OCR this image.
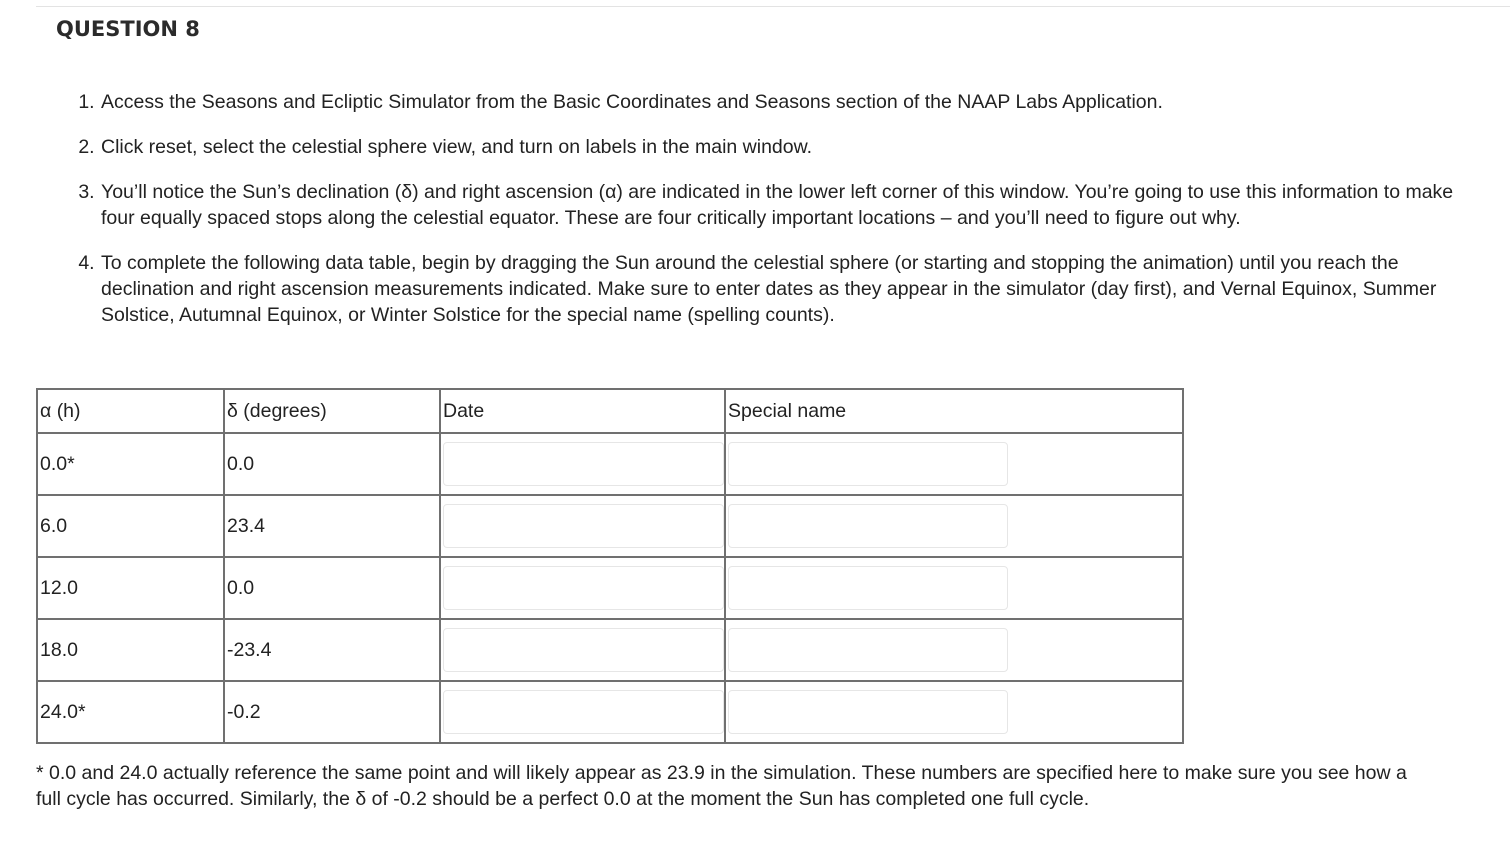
QUESTION 8
1. Access the Seasons and Ecliptic Simulator from the Basic Coordinates and Seasons section of the NAAP Labs Application.
2. Click reset, select the celestial sphere view, and turn on labels in the main window.
3. You’ll notice the Sun’s declination (δ) and right ascension (α) are indicated in the lower left corner of this window. You’re going to use this information to make four equally spaced stops along the celestial equator. These are four critically important locations – and you’ll need to figure out why.
4. To complete the following data table, begin by dragging the Sun around the celestial sphere (or starting and stopping the animation) until you reach the declination and right ascension measurements indicated. Make sure to enter dates as they appear in the simulator (day first), and Vernal Equinox, Summer Solstice, Autumnal Equinox, or Winter Solstice for the special name (spelling counts).
α (h)	δ (degrees)	Date	Special name
0.0*	0.0	

6.0	23.4	

12.0	0.0	

18.0	-23.4	

24.0*	-0.2	

* 0.0 and 24.0 actually reference the same point and will likely appear as 23.9 in the simulation. These numbers are specified here to make sure you see how a full cycle has occurred. Similarly, the δ of -0.2 should be a perfect 0.0 at the moment the Sun has completed one full cycle.
